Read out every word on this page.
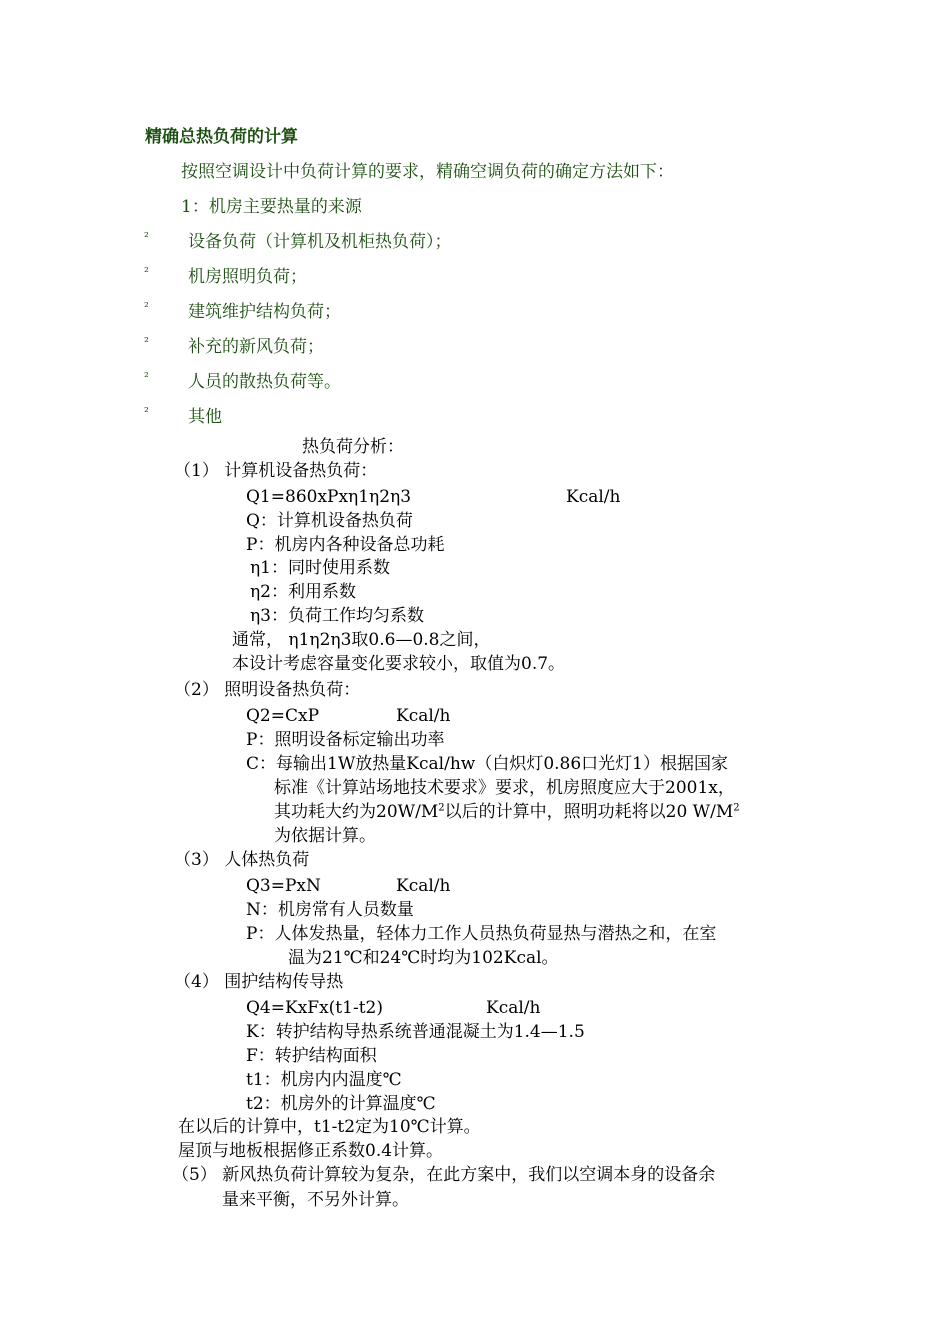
精确总热负荷的计算
按照空调设计中负荷计算的要求，精确空调负荷的确定方法如下：
1：机房主要热量的来源
² 设备负荷（计算机及机柜热负荷）；
² 机房照明负荷；
² 建筑维护结构负荷；
² 补充的新风负荷；
² 人员的散热负荷等。
² 其他
热负荷分析：
（1） 计算机设备热负荷：
Q1=860xPxη1η2η3	Kcal/h
Q：计算机设备热负荷
P：机房内各种设备总功耗
η1：同时使用系数
η2：利用系数
η3：负荷工作均匀系数
通常， η1η2η3取0.6—0.8之间，
本设计考虑容量变化要求较小，取值为0.7。
（2） 照明设备热负荷：
Q2=CxP	Kcal/h
P：照明设备标定输出功率
C：每输出1W放热量Kcal/hw（白炽灯0.86口光灯1）根据国家
标准《计算站场地技术要求》要求，机房照度应大于2001x，
其功耗大约为$20W/M^2$以后的计算中，照明功耗将以20 $W/M^2$
为依据计算。
（3） 人体热负荷
Q3=PxN	Kcal/h
N：机房常有人员数量
P：人体发热量，轻体力工作人员热负荷显热与潜热之和，在室
温为21℃和24℃时均为102Kcal。
（4） 围护结构传导热
Q4=KxFx(t1-t2)	Kcal/h
K：转护结构导热系统普通混凝土为1.4—1.5
F：转护结构面积
t1：机房内内温度℃
t2：机房外的计算温度℃
在以后的计算中，t1-t2定为10℃计算。
屋顶与地板根据修正系数0.4计算。
（5） 新风热负荷计算较为复杂，在此方案中，我们以空调本身的设备余
量来平衡，不另外计算。
